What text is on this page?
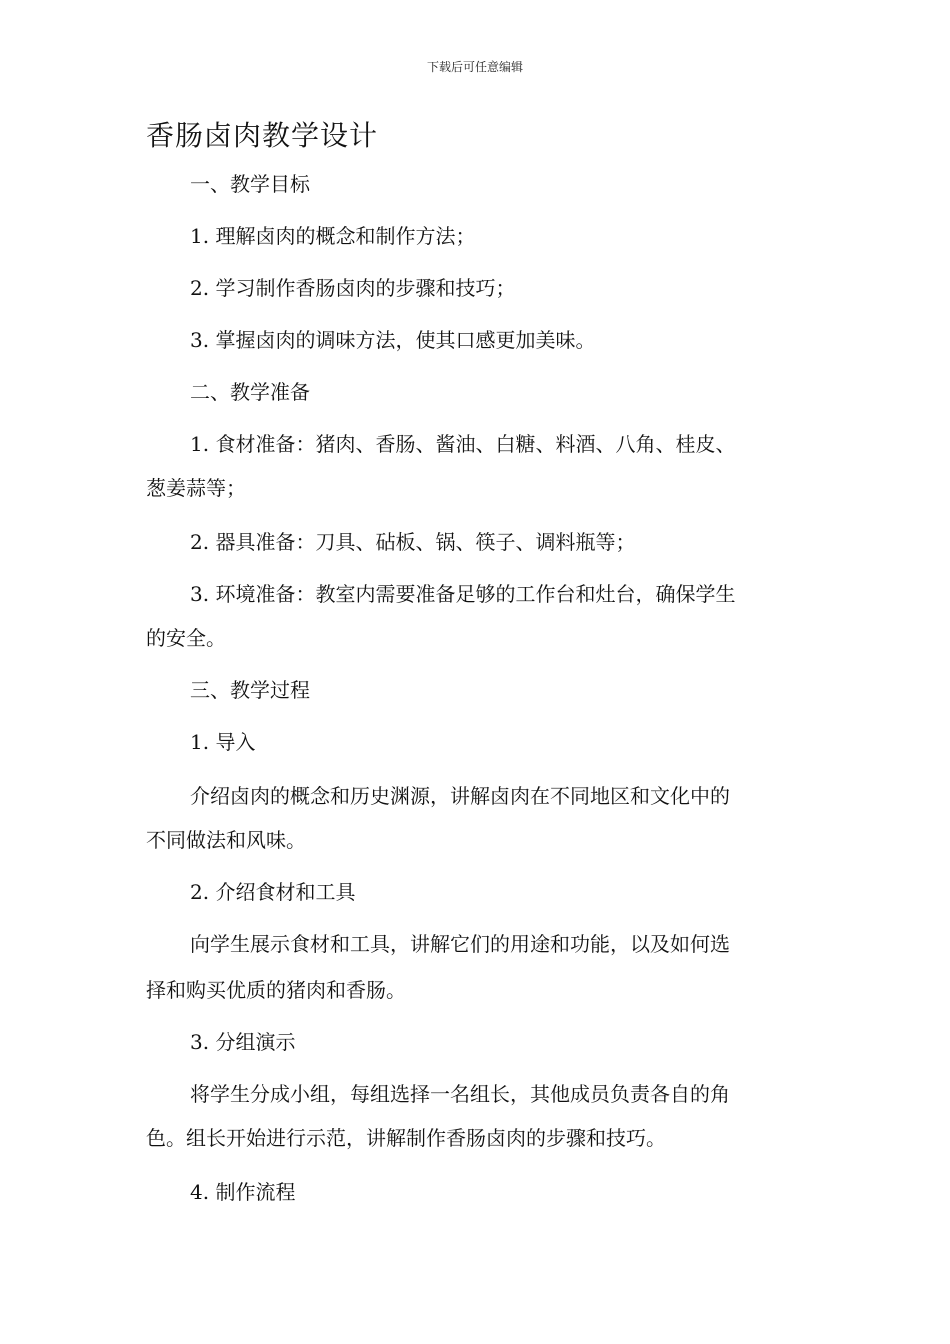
下载后可任意编辑
香肠卤肉教学设计
一、教学目标
1. 理解卤肉的概念和制作方法；
2. 学习制作香肠卤肉的步骤和技巧；
3. 掌握卤肉的调味方法，使其口感更加美味。
二、教学准备
1. 食材准备：猪肉、香肠、酱油、白糖、料酒、八角、桂皮、
葱姜蒜等；
2. 器具准备：刀具、砧板、锅、筷子、调料瓶等；
3. 环境准备：教室内需要准备足够的工作台和灶台，确保学生
的安全。
三、教学过程
1. 导入
介绍卤肉的概念和历史渊源，讲解卤肉在不同地区和文化中的
不同做法和风味。
2. 介绍食材和工具
向学生展示食材和工具，讲解它们的用途和功能，以及如何选
择和购买优质的猪肉和香肠。
3. 分组演示
将学生分成小组，每组选择一名组长，其他成员负责各自的角
色。组长开始进行示范，讲解制作香肠卤肉的步骤和技巧。
4. 制作流程
